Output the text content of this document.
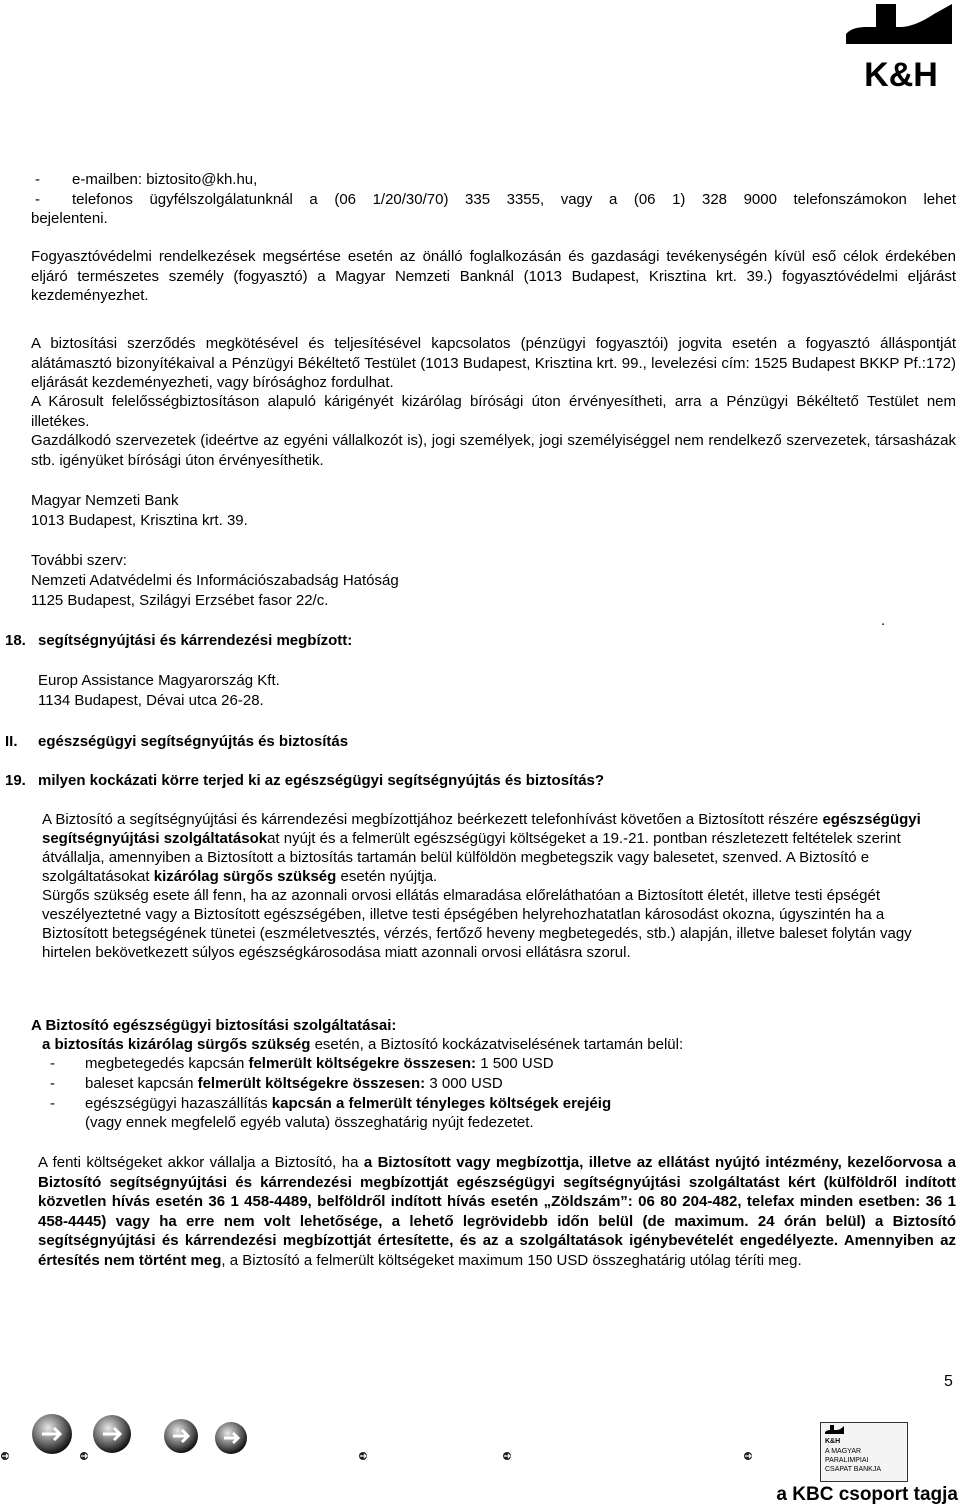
K&H
- e-mailben: biztosito@kh.hu,
- telefonos ügyfélszolgálatunknál a (06 1/20/30/70) 335 3355, vagy a (06 1) 328 9000 telefonszámokon lehet
bejelenteni.
Fogyasztóvédelmi rendelkezések megsértése esetén az önálló foglalkozásán és gazdasági tevékenységén kívül eső célok érdekében eljáró természetes személy (fogyasztó) a Magyar Nemzeti Banknál (1013 Budapest, Krisztina krt. 39.) fogyasztóvédelmi eljárást kezdeményezhet.
A biztosítási szerződés megkötésével és teljesítésével kapcsolatos (pénzügyi fogyasztói) jogvita esetén a fogyasztó álláspontját alátámasztó bizonyítékaival a Pénzügyi Békéltető Testület (1013 Budapest, Krisztina krt. 99., levelezési cím: 1525 Budapest BKKP Pf.:172) eljárását kezdeményezheti, vagy bírósághoz fordulhat.
A Károsult felelősségbiztosításon alapuló kárigényét kizárólag bírósági úton érvényesítheti, arra a Pénzügyi Békéltető Testület nem illetékes.
Gazdálkodó szervezetek (ideértve az egyéni vállalkozót is), jogi személyek, jogi személyiséggel nem rendelkező szervezetek, társasházak stb. igényüket bírósági úton érvényesíthetik.
Magyar Nemzeti Bank
1013 Budapest, Krisztina krt. 39.
További szerv:
Nemzeti Adatvédelmi és Információszabadság Hatóság
1125 Budapest, Szilágyi Erzsébet fasor 22/c.
.
18. segítségnyújtási és kárrendezési megbízott:
Europ Assistance Magyarország Kft.
1134 Budapest, Dévai utca 26-28.
II. egészségügyi segítségnyújtás és biztosítás
19. milyen kockázati körre terjed ki az egészségügyi segítségnyújtás és biztosítás?

A Biztosító a segítségnyújtási és kárrendezési megbízottjához beérkezett telefonhívást követően a Biztosított részére egészségügyi segítségnyújtási szolgáltatásokat nyújt és a felmerült egészségügyi költségeket a 19.-21. pontban részletezett feltételek szerint átvállalja, amennyiben a Biztosított a biztosítás tartamán belül külföldön megbetegszik vagy balesetet, szenved. A Biztosító e szolgáltatásokat kizárólag sürgős szükség esetén nyújtja.

Sürgős szükség esete áll fenn, ha az azonnali orvosi ellátás elmaradása előreláthatóan a Biztosított életét, illetve testi épségét veszélyeztetné vagy a Biztosított egészségében, illetve testi épségében helyrehozhatatlan károsodást okozna, úgyszintén ha a Biztosított betegségének tünetei (eszméletvesztés, vérzés, fertőző heveny megbetegedés, stb.) alapján, illetve baleset folytán vagy hirtelen bekövetkezett súlyos egészségkárosodása miatt azonnali orvosi ellátásra szorul.

A Biztosító egészségügyi biztosítási szolgáltatásai:
a biztosítás kizárólag sürgős szükség esetén, a Biztosító kockázatviselésének tartamán belül:
- megbetegedés kapcsán felmerült költségekre összesen: 1 500 USD
- baleset kapcsán felmerült költségekre összesen: 3 000 USD
- egészségügyi hazaszállítás kapcsán a felmerült tényleges költségek erejéig
(vagy ennek megfelelő egyéb valuta) összeghatárig nyújt fedezetet.
A fenti költségeket akkor vállalja a Biztosító, ha a Biztosított vagy megbízottja, illetve az ellátást nyújtó intézmény, kezelőorvosa a Biztosító segítségnyújtási és kárrendezési megbízottját egészségügyi segítségnyújtási szolgáltatást kért (külföldről indított közvetlen hívás esetén 36 1 458-4489, belföldről indított hívás esetén „Zöldszám”: 06 80 204-482, telefax minden esetben: 36 1 458-4445) vagy ha erre nem volt lehetősége, a lehető legrövidebb időn belül (de maximum. 24 órán belül) a Biztosító segítségnyújtási és kárrendezési megbízottját értesítette, és az a szolgáltatások igénybevételét engedélyezte. Amennyiben az értesítés nem történt meg, a Biztosító a felmerült költségeket maximum 150 USD összeghatárig utólag téríti meg.
5
K&H
A MAGYAR
PARALIMPIAI
CSAPAT BANKJA
a KBC csoport tagja
